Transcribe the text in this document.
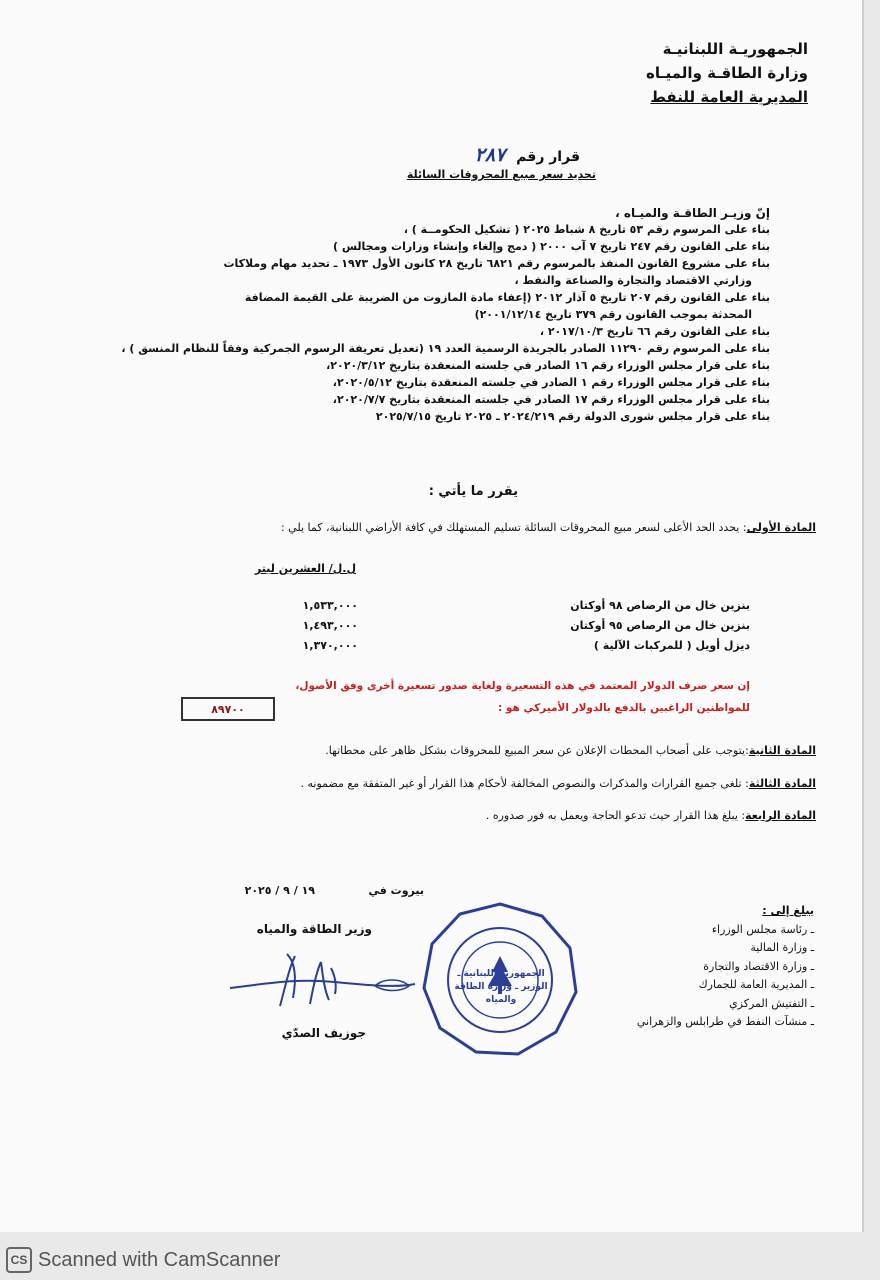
الجمهوريـة اللبنانيـة
وزارة الطاقـة والميـاه
المديرية العامة للنفط
قرار رقم ٢٨٧
تحديد سعر مبيع المحروقات السائلة
إنّ وزيـر الطاقـة والميـاه ،
بناء على المرسوم رقم ٥٣ تاريخ ٨ شباط ٢٠٢٥ ( تشكيل الحكومــة ) ،
بناء على القانون رقم ٢٤٧ تاريخ ٧ آب ٢٠٠٠ ( دمج وإلغاء وإنشاء وزارات ومجالس )
بناء على مشروع القانون المنفذ بالمرسوم رقم ٦٨٢١ تاريخ ٢٨ كانون الأول ١٩٧٣ ـ تحديد مهام وملاكات
وزارتي الاقتصاد والتجارة والصناعة والنفط ،
بناء على القانون رقم ٢٠٧ تاريخ ٥ آذار ٢٠١٢ (إعفاء مادة المازوت من الضريبة على القيمة المضافة
المحدثة بموجب القانون رقم ٣٧٩ تاريخ ٢٠٠١/١٢/١٤)
بناء على القانون رقم ٦٦ تاريخ ٢٠١٧/١٠/٣ ،
بناء على المرسوم رقم ١١٢٩٠ الصادر بالجريدة الرسمية العدد ١٩ (تعديل تعريفة الرسوم الجمركية وفقاً للنظام المنسق ) ،
بناء على قرار مجلس الوزراء رقم ١٦ الصادر في جلسته المنعقدة بتاريخ ٢٠٢٠/٣/١٢،
بناء على قرار مجلس الوزراء رقم ١ الصادر في جلسته المنعقدة بتاريخ ٢٠٢٠/٥/١٢،
بناء على قرار مجلس الوزراء رقم ١٧ الصادر في جلسته المنعقدة بتاريخ ٢٠٢٠/٧/٧،
بناء على قرار مجلس شورى الدولة رقم ٢٠٢٤/٢١٩ ـ ٢٠٢٥ تاريخ ٢٠٢٥/٧/١٥
يقرر ما يأتي :
المادة الأولى: يحدد الحد الأعلى لسعر مبيع المحروقات السائلة تسليم المستهلك في كافة الأراضي اللبنانية، كما يلي :
ل.ل/ العشرين ليتر
بنزين خال من الرصاص ٩٨ أوكتان
بنزين خال من الرصاص ٩٥ أوكتان
ديزل أويل ( للمركبات الآلية )
١,٥٣٣,٠٠٠
١,٤٩٣,٠٠٠
١,٣٧٠,٠٠٠
إن سعر صرف الدولار المعتمد في هذه التسعيرة ولغاية صدور تسعيرة أخرى وفق الأصول،
للمواطنين الراغبين بالدفع بالدولار الأميركي هو :
٨٩٧٠٠
المادة الثانية:يتوجب على أصحاب المحطات الإعلان عن سعر المبيع للمحروقات بشكل ظاهر على محطاتها.
المادة الثالثة: تلغى جميع القرارات والمذكرات والنصوص المخالفة لأحكام هذا القرار أو غير المتفقة مع مضمونه .
المادة الرابعة: يبلغ هذا القرار حيث تدعو الحاجة ويعمل به فور صدوره .
بيروت في
١٩ / ٩ / ٢٠٢٥
وزير الطاقة والمياه
جوزيف الصدّي
الجمهورية اللبنانية ـ الوزير ـ وزارة الطاقة والمياه
يبلغ إلى :
ـ رئاسة مجلس الوزراء
ـ وزارة المالية
ـ وزارة الاقتصاد والتجارة
ـ المديرية العامة للجمارك
ـ التفتيش المركزي
ـ منشآت النفط في طرابلس والزهراني
CS Scanned with CamScanner
